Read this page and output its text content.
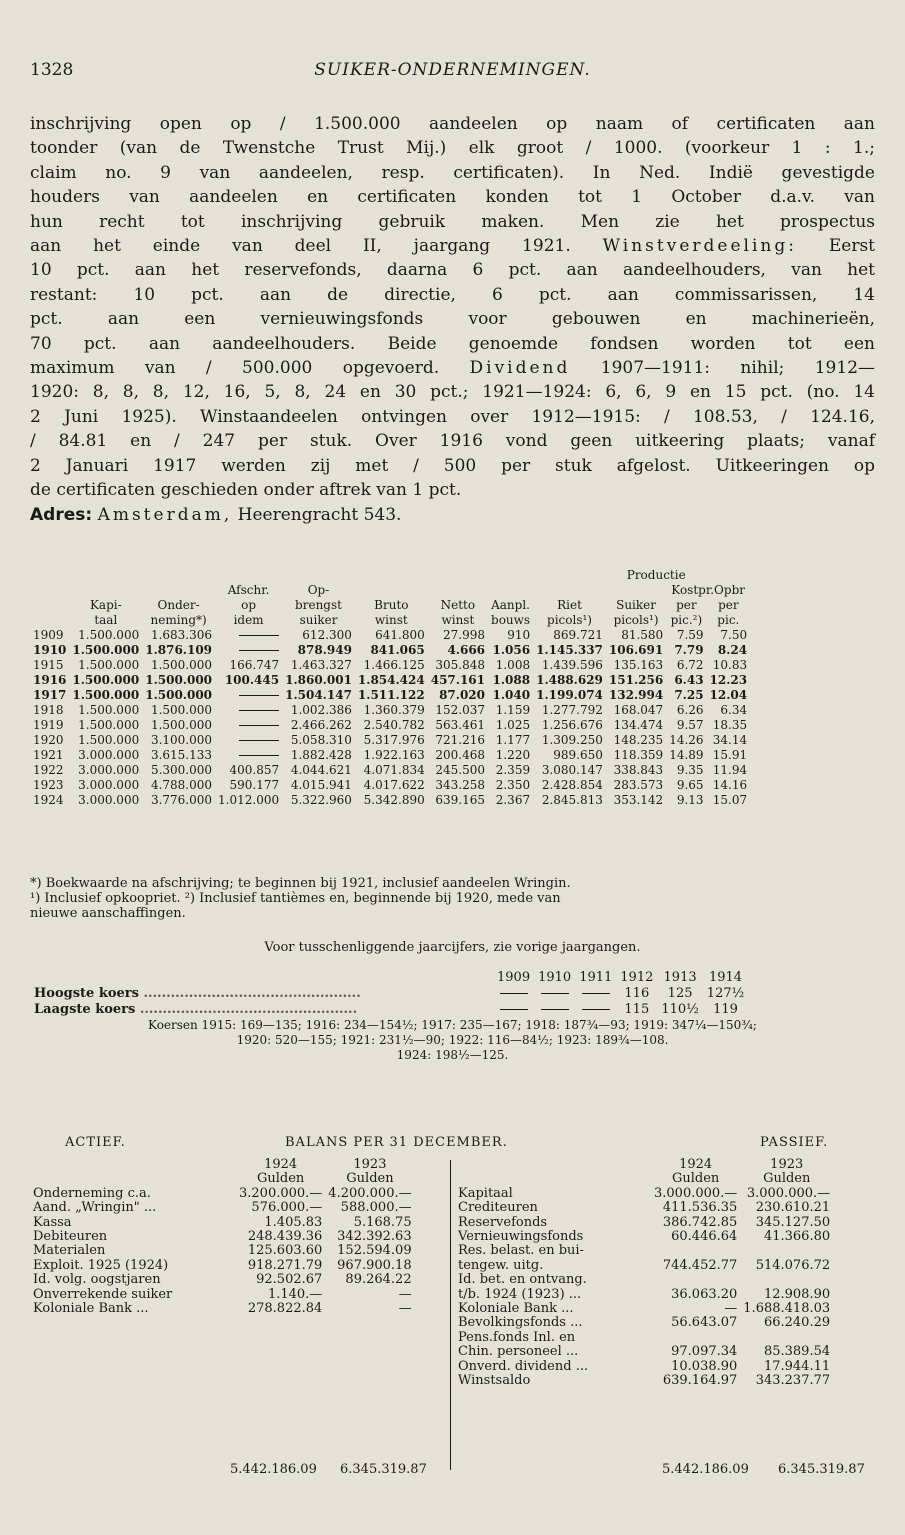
1328	SUIKER-ONDERNEMINGEN.
inschrijving open op / 1.500.000 aandeelen op naam of certificaten aan
toonder (van de Twenstche Trust Mij.) elk groot / 1000. (voorkeur 1 : 1.;
claim no. 9 van aandeelen, resp. certificaten). In Ned. Indië gevestigde
houders van aandeelen en certificaten konden tot 1 October d.a.v. van
hun recht tot inschrijving gebruik maken. Men zie het prospectus
aan het einde van deel II, jaargang 1921. Winstverdeeling: Eerst
10 pct. aan het reservefonds, daarna 6 pct. aan aandeelhouders, van het
restant: 10 pct. aan de directie, 6 pct. aan commissarissen, 14
pct. aan een vernieuwingsfonds voor gebouwen en machinerieën,
70 pct. aan aandeelhouders. Beide genoemde fondsen worden tot een
maximum van / 500.000 opgevoerd. Dividend 1907—1911: nihil; 1912—
1920: 8, 8, 8, 12, 16, 5, 8, 24 en 30 pct.; 1921—1924: 6, 6, 9 en 15 pct. (no. 14
2 Juni 1925). Winstaandeelen ontvingen over 1912—1915: / 108.53, / 124.16,
/ 84.81 en / 247 per stuk. Over 1916 vond geen uitkeering plaats; vanaf
2 Januari 1917 werden zij met / 500 per stuk afgelost. Uitkeeringen op
de certificaten geschieden onder aftrek van 1 pct.
Adres: Amsterdam, Heerengracht 543.
									Productie		
			Afschr.	Op-						Kostpr.Opbr	
	Kapi-	Onder-	op	brengst	Bruto	Netto	Aanpl.	Riet	Suiker	per	per
	taal	neming*)	idem	suiker	winst	winst	bouws	picols¹)	picols¹)	pic.²)	pic.
1909	1.500.000	1.683.306		612.300	641.800	27.998	910	869.721	81.580	7.59	7.50
1910	1.500.000	1.876.109		878.949	841.065	4.666	1.056	1.145.337	106.691	7.79	8.24
1915	1.500.000	1.500.000	166.747	1.463.327	1.466.125	305.848	1.008	1.439.596	135.163	6.72	10.83
1916	1.500.000	1.500.000	100.445	1.860.001	1.854.424	457.161	1.088	1.488.629	151.256	6.43	12.23
1917	1.500.000	1.500.000		1.504.147	1.511.122	87.020	1.040	1.199.074	132.994	7.25	12.04
1918	1.500.000	1.500.000		1.002.386	1.360.379	152.037	1.159	1.277.792	168.047	6.26	6.34
1919	1.500.000	1.500.000		2.466.262	2.540.782	563.461	1.025	1.256.676	134.474	9.57	18.35
1920	1.500.000	3.100.000		5.058.310	5.317.976	721.216	1.177	1.309.250	148.235	14.26	34.14
1921	3.000.000	3.615.133		1.882.428	1.922.163	200.468	1.220	989.650	118.359	14.89	15.91
1922	3.000.000	5.300.000	400.857	4.044.621	4.071.834	245.500	2.359	3.080.147	338.843	9.35	11.94
1923	3.000.000	4.788.000	590.177	4.015.941	4.017.622	343.258	2.350	2.428.854	283.573	9.65	14.16
1924	3.000.000	3.776.000	1.012.000	5.322.960	5.342.890	639.165	2.367	2.845.813	353.142	9.13	15.07
*) Boekwaarde na afschrijving; te beginnen bij 1921, inclusief aandeelen Wringin.
¹) Inclusief opkoopriet. ²) Inclusief tantièmes en, beginnende bij 1920, mede van
nieuwe aanschaffingen.
Voor tusschenliggende jaarcijfers, zie vorige jaargangen.
	1909	1910	1911	1912	1913	1914
Hoogste koers ................................................				116	125	127½
Laagste koers ................................................				115	110½	119
Koersen 1915: 169—135; 1916: 234—154½; 1917: 235—167; 1918: 187¾—93; 1919: 347¼—150¾;
1920: 520—155; 1921: 231½—90; 1922: 116—84½; 1923: 189¾—108.
1924: 198½—125.
ACTIEF.	BALANS PER 31 DECEMBER.	PASSIEF.
	1924	1923
	Gulden	Gulden
Onderneming c.a.	3.200.000.—	4.200.000.—
Aand. „Wringin" ...	576.000.—	588.000.—
Kassa	1.405.83	5.168.75
Debiteuren	248.439.36	342.392.63
Materialen	125.603.60	152.594.09
Exploit. 1925 (1924)	918.271.79	967.900.18
Id. volg. oogstjaren	92.502.67	89.264.22
Onverrekende suiker	1.140.—	—
Koloniale Bank ...	278.822.84	—
	1924	1923
	Gulden	Gulden
Kapitaal	3.000.000.—	3.000.000.—
Crediteuren	411.536.35	230.610.21
Reservefonds	386.742.85	345.127.50
Vernieuwingsfonds	60.446.64	41.366.80
Res. belast. en bui-		
tengew. uitg.	744.452.77	514.076.72
Id. bet. en ontvang.		
t/b. 1924 (1923) ...	36.063.20	12.908.90
Koloniale Bank ...	—	1.688.418.03
Bevolkingsfonds ...	56.643.07	66.240.29
Pens.fonds Inl. en		
Chin. personeel ...	97.097.34	85.389.54
Onverd. dividend ...	10.038.90	17.944.11
Winstsaldo	639.164.97	343.237.77
5.442.186.09 6.345.319.87	5.442.186.09 6.345.319.87
